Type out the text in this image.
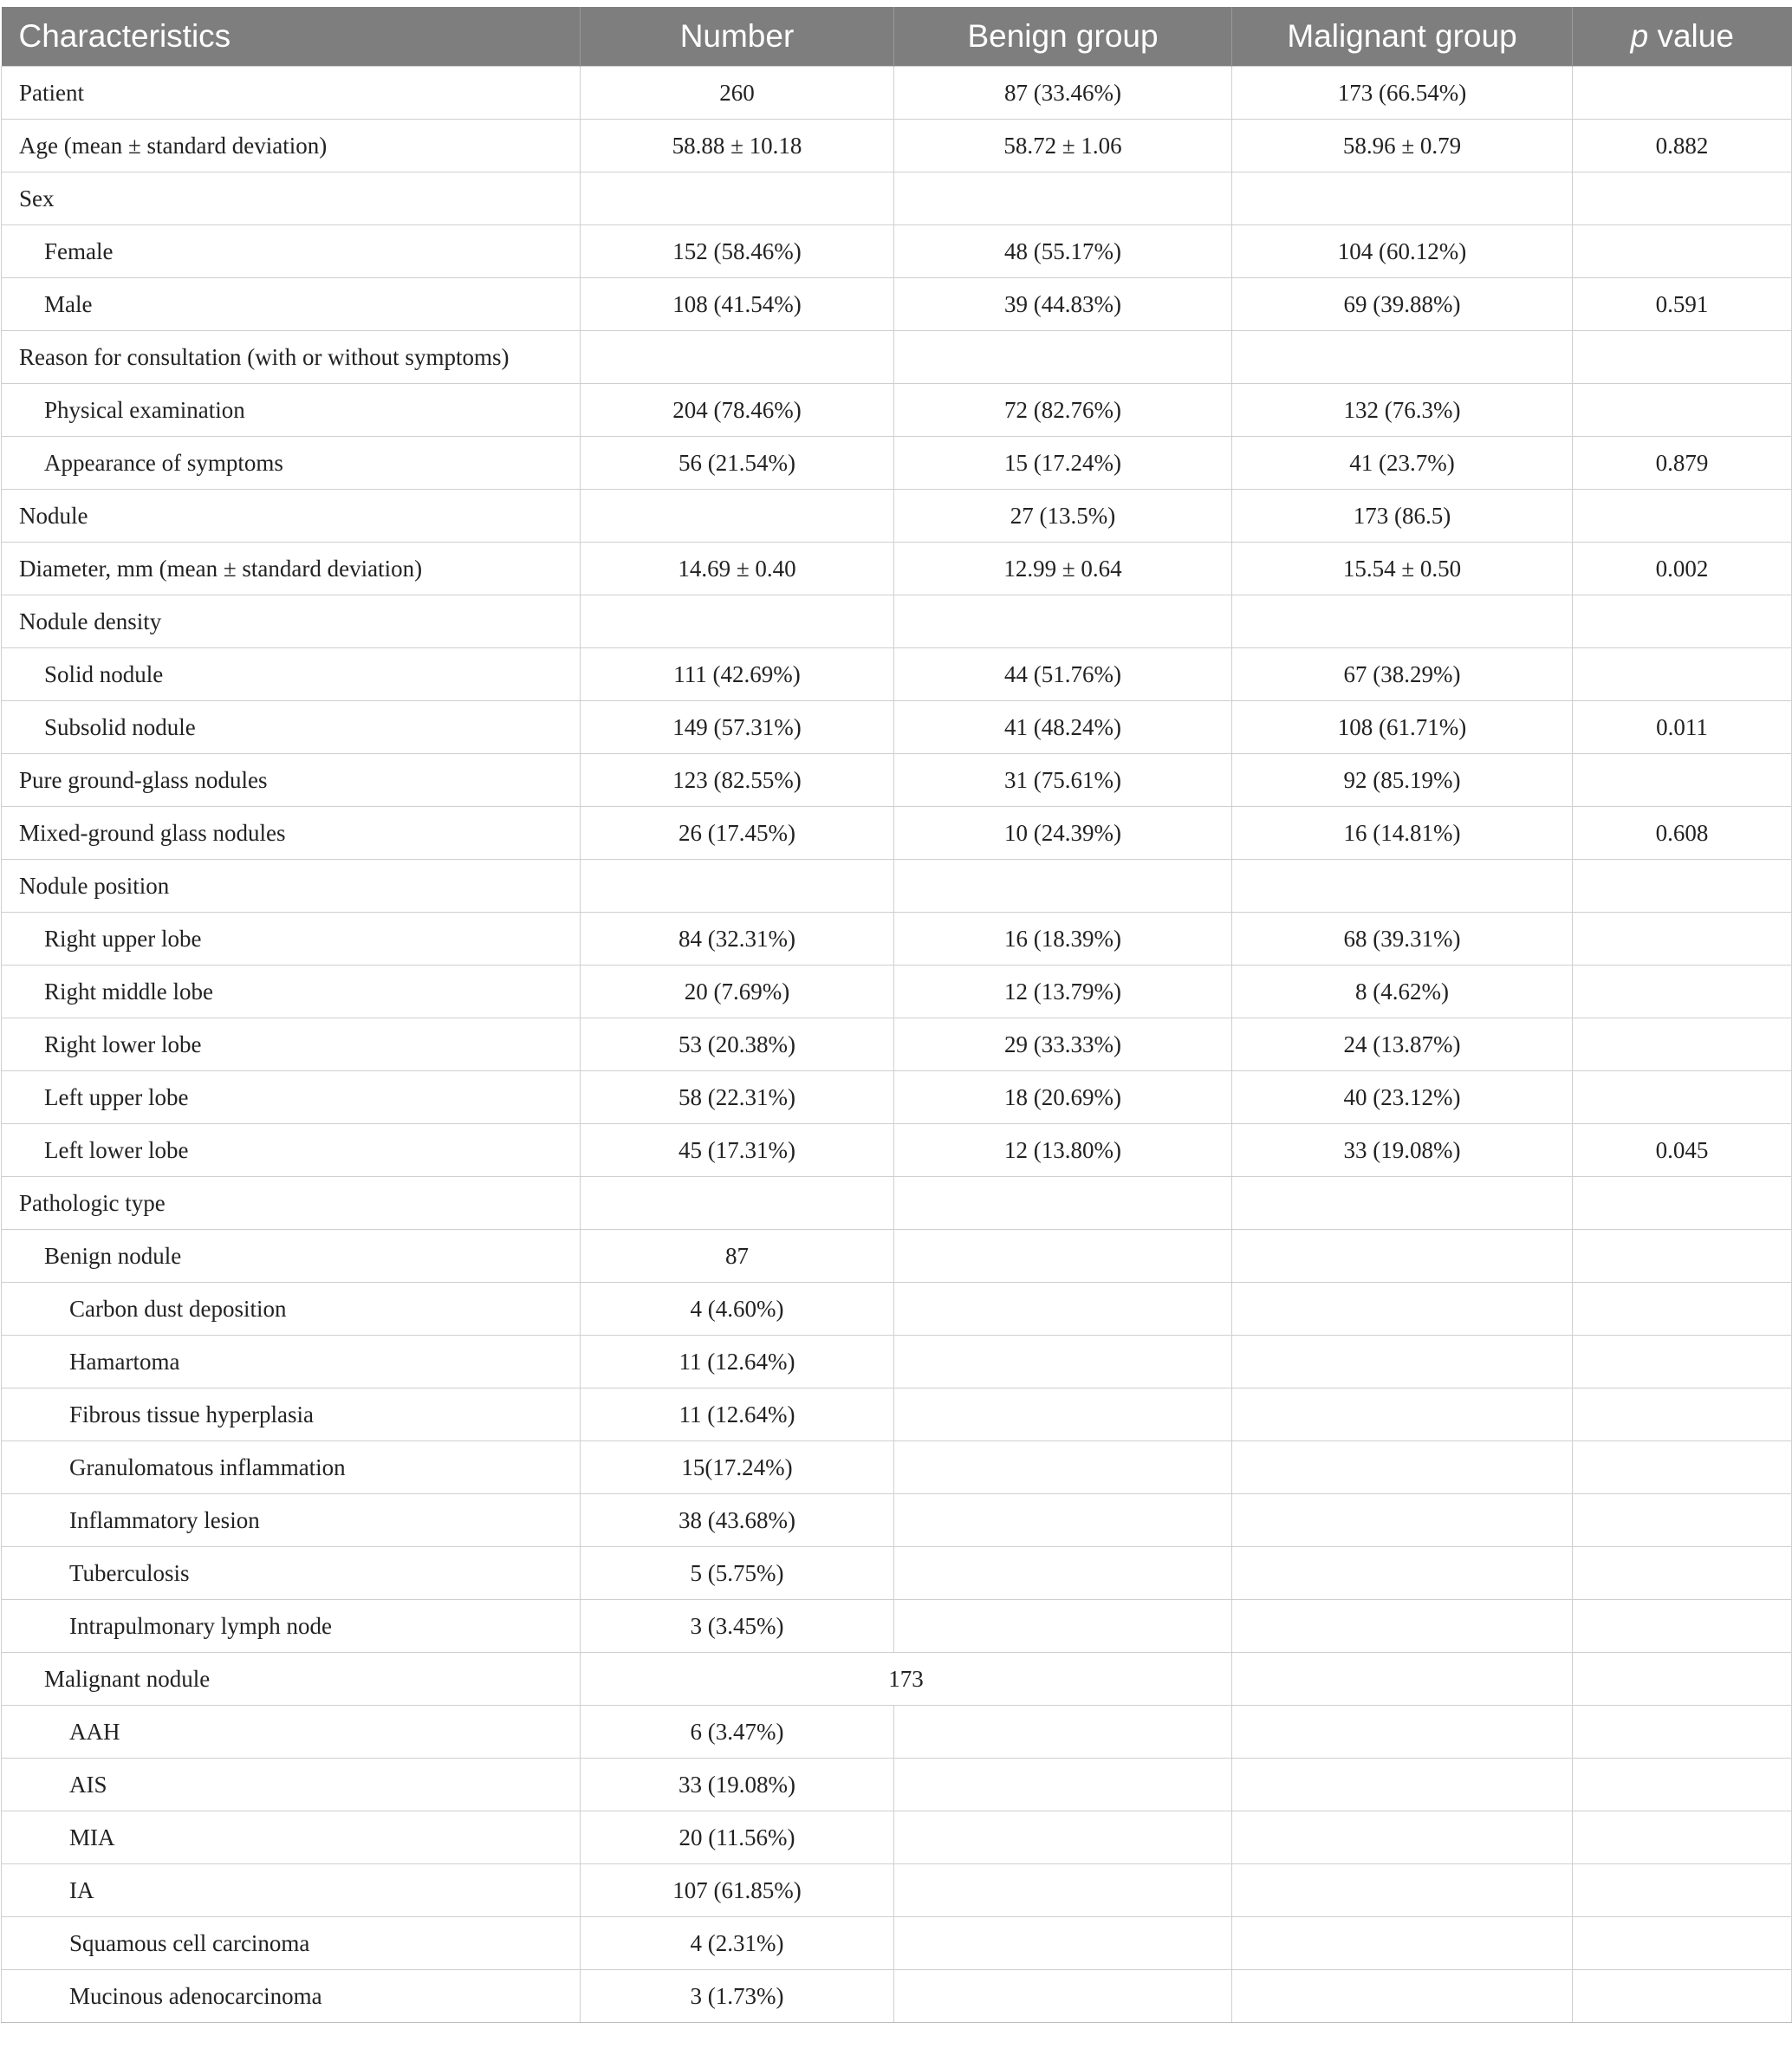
Characteristics	Number	Benign group	Malignant group	p value
Patient	260	87 (33.46%)	173 (66.54%)	
Age (mean ± standard deviation)	58.88 ± 10.18	58.72 ± 1.06	58.96 ± 0.79	0.882
Sex				
Female	152 (58.46%)	48 (55.17%)	104 (60.12%)	
Male	108 (41.54%)	39 (44.83%)	69 (39.88%)	0.591
Reason for consultation (with or without symptoms)				
Physical examination	204 (78.46%)	72 (82.76%)	132 (76.3%)	
Appearance of symptoms	56 (21.54%)	15 (17.24%)	41 (23.7%)	0.879
Nodule		27 (13.5%)	173 (86.5)	
Diameter, mm (mean ± standard deviation)	14.69 ± 0.40	12.99 ± 0.64	15.54 ± 0.50	0.002
Nodule density				
Solid nodule	111 (42.69%)	44 (51.76%)	67 (38.29%)	
Subsolid nodule	149 (57.31%)	41 (48.24%)	108 (61.71%)	0.011
Pure ground-glass nodules	123 (82.55%)	31 (75.61%)	92 (85.19%)	
Mixed-ground glass nodules	26 (17.45%)	10 (24.39%)	16 (14.81%)	0.608
Nodule position				
Right upper lobe	84 (32.31%)	16 (18.39%)	68 (39.31%)	
Right middle lobe	20 (7.69%)	12 (13.79%)	8 (4.62%)	
Right lower lobe	53 (20.38%)	29 (33.33%)	24 (13.87%)	
Left upper lobe	58 (22.31%)	18 (20.69%)	40 (23.12%)	
Left lower lobe	45 (17.31%)	12 (13.80%)	33 (19.08%)	0.045
Pathologic type				
Benign nodule	87			
Carbon dust deposition	4 (4.60%)			
Hamartoma	11 (12.64%)			
Fibrous tissue hyperplasia	11 (12.64%)			
Granulomatous inflammation	15(17.24%)			
Inflammatory lesion	38 (43.68%)			
Tuberculosis	5 (5.75%)			
Intrapulmonary lymph node	3 (3.45%)			
Malignant nodule	173			
AAH	6 (3.47%)			
AIS	33 (19.08%)			
MIA	20 (11.56%)			
IA	107 (61.85%)			
Squamous cell carcinoma	4 (2.31%)			
Mucinous adenocarcinoma	3 (1.73%)			
